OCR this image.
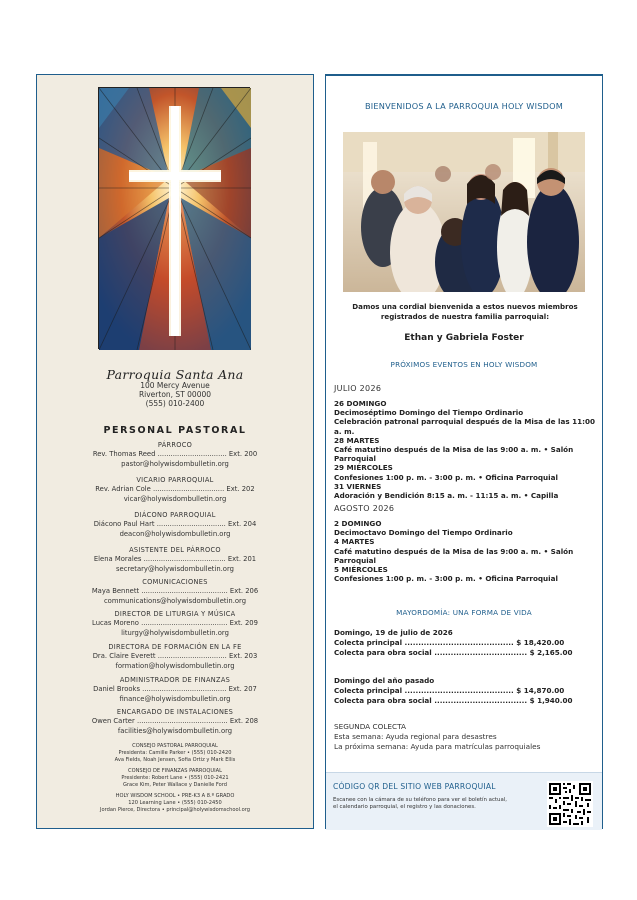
Parroquia Santa Ana
100 Mercy Avenue
Riverton, ST 00000
(555) 010-2400
PERSONAL PASTORAL
PÁRROCO
Rev. Thomas Reed ................................ Ext. 200
pastor@holywisdombulletin.org
VICARIO PARROQUIAL
Rev. Adrian Cole ................................. Ext. 202
vicar@holywisdombulletin.org
DIÁCONO PARROQUIAL
Diácono Paul Hart ................................ Ext. 204
deacon@holywisdombulletin.org
ASISTENTE DEL PÁRROCO
Elena Morales ...................................... Ext. 201
secretary@holywisdombulletin.org
COMUNICACIONES
Maya Bennett ........................................ Ext. 206
communications@holywisdombulletin.org
DIRECTOR DE LITURGIA Y MÚSICA
Lucas Moreno ........................................ Ext. 209
liturgy@holywisdombulletin.org
DIRECTORA DE FORMACIÓN EN LA FE
Dra. Claire Everett ................................ Ext. 203
formation@holywisdombulletin.org
ADMINISTRADOR DE FINANZAS
Daniel Brooks ....................................... Ext. 207
finance@holywisdombulletin.org
ENCARGADO DE INSTALACIONES
Owen Carter .......................................... Ext. 208
facilities@holywisdombulletin.org
CONSEJO PASTORAL PARROQUIAL
Presidenta: Camille Parker • (555) 010-2420
Ava Fields, Noah Jensen, Sofia Ortiz y Mark Ellis
CONSEJO DE FINANZAS PARROQUIAL
Presidente: Robert Lane • (555) 010-2421
Grace Kim, Peter Wallace y Danielle Ford
HOLY WISDOM SCHOOL • PRE-K3 A 8.º GRADO
120 Learning Lane • (555) 010-2450
Jordan Pierce, Directora • principal@holywisdomschool.org
BIENVENIDOS A LA PARROQUIA HOLY WISDOM
Damos una cordial bienvenida a estos nuevos miembros registrados de nuestra familia parroquial:
Ethan y Gabriela Foster
PRÓXIMOS EVENTOS EN HOLY WISDOM
JULIO 2026
26 DOMINGO
Decimoséptimo Domingo del Tiempo Ordinario
Celebración patronal parroquial después de la Misa de las 11:00 a. m.
28 MARTES
Café matutino después de la Misa de las 9:00 a. m. • Salón Parroquial
29 MIÉRCOLES
Confesiones 1:00 p. m. - 3:00 p. m. • Oficina Parroquial
31 VIERNES
Adoración y Bendición 8:15 a. m. - 11:15 a. m. • Capilla
AGOSTO 2026
2 DOMINGO
Decimoctavo Domingo del Tiempo Ordinario
4 MARTES
Café matutino después de la Misa de las 9:00 a. m. • Salón Parroquial
5 MIÉRCOLES
Confesiones 1:00 p. m. - 3:00 p. m. • Oficina Parroquial
MAYORDOMÍA: UNA FORMA DE VIDA
Domingo, 19 de julio de 2026
Colecta principal ........................................ $ 18,420.00
Colecta para obra social .................................. $ 2,165.00
Domingo del año pasado
Colecta principal ........................................ $ 14,870.00
Colecta para obra social .................................. $ 1,940.00
SEGUNDA COLECTA
Esta semana: Ayuda regional para desastres
La próxima semana: Ayuda para matrículas parroquiales
CÓDIGO QR DEL SITIO WEB PARROQUIAL
Escanee con la cámara de su teléfono para ver el boletín actual,
el calendario parroquial, el registro y las donaciones.
